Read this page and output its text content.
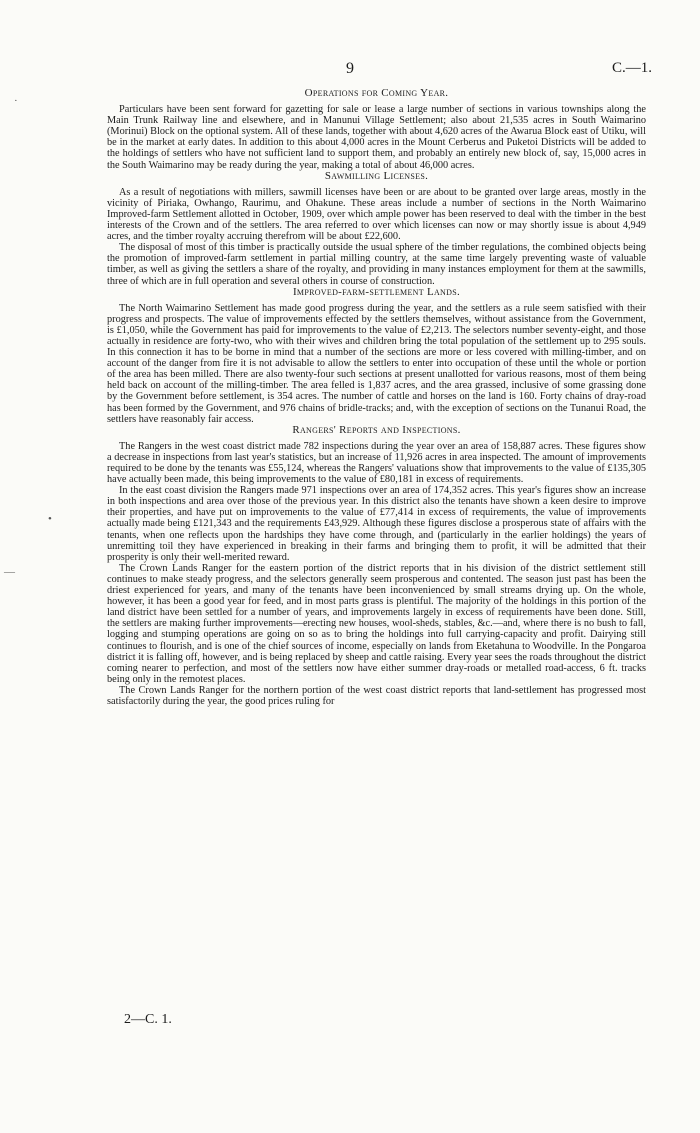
9	C.—1.
·
•
—
Operations for Coming Year.

Particulars have been sent forward for gazetting for sale or lease a large number of sections in various townships along the Main Trunk Railway line and elsewhere, and in Manunui Village Settlement; also about 21,535 acres in South Waimarino (Morinui) Block on the optional system. All of these lands, together with about 4,620 acres of the Awarua Block east of Utiku, will be in the market at early dates. In addition to this about 4,000 acres in the Mount Cerberus and Puketoi Districts will be added to the holdings of settlers who have not sufficient land to support them, and probably an entirely new block of, say, 15,000 acres in the South Waimarino may be ready during the year, making a total of about 46,000 acres.

Sawmilling Licenses.

As a result of negotiations with millers, sawmill licenses have been or are about to be granted over large areas, mostly in the vicinity of Piriaka, Owhango, Raurimu, and Ohakune. These areas include a number of sections in the North Waimarino Improved-farm Settlement allotted in October, 1909, over which ample power has been reserved to deal with the timber in the best interests of the Crown and of the settlers. The area referred to over which licenses can now or may shortly issue is about 4,949 acres, and the timber royalty accruing therefrom will be about £22,600.

The disposal of most of this timber is practically outside the usual sphere of the timber regulations, the combined objects being the promotion of improved-farm settlement in partial milling country, at the same time largely preventing waste of valuable timber, as well as giving the settlers a share of the royalty, and providing in many instances employment for them at the sawmills, three of which are in full operation and several others in course of construction.

Improved-farm-settlement Lands.

The North Waimarino Settlement has made good progress during the year, and the settlers as a rule seem satisfied with their progress and prospects. The value of improvements effected by the settlers themselves, without assistance from the Government, is £1,050, while the Government has paid for improvements to the value of £2,213. The selectors number seventy-eight, and those actually in residence are forty-two, who with their wives and children bring the total population of the settlement up to 295 souls. In this connection it has to be borne in mind that a number of the sections are more or less covered with milling-timber, and on account of the danger from fire it is not advisable to allow the settlers to enter into occupation of these until the whole or portion of the area has been milled. There are also twenty-four such sections at present unallotted for various reasons, most of them being held back on account of the milling-timber. The area felled is 1,837 acres, and the area grassed, inclusive of some grassing done by the Government before settlement, is 354 acres. The number of cattle and horses on the land is 160. Forty chains of dray-road has been formed by the Government, and 976 chains of bridle-tracks; and, with the exception of sections on the Tunanui Road, the settlers have reasonably fair access.

Rangers' Reports and Inspections.

The Rangers in the west coast district made 782 inspections during the year over an area of 158,887 acres. These figures show a decrease in inspections from last year's statistics, but an increase of 11,926 acres in area inspected. The amount of improvements required to be done by the tenants was £55,124, whereas the Rangers' valuations show that improvements to the value of £135,305 have actually been made, this being improvements to the value of £80,181 in excess of requirements.

In the east coast division the Rangers made 971 inspections over an area of 174,352 acres. This year's figures show an increase in both inspections and area over those of the previous year. In this district also the tenants have shown a keen desire to improve their properties, and have put on improvements to the value of £77,414 in excess of requirements, the value of improvements actually made being £121,343 and the requirements £43,929. Although these figures disclose a prosperous state of affairs with the tenants, when one reflects upon the hardships they have come through, and (particularly in the earlier holdings) the years of unremitting toil they have experienced in breaking in their farms and bringing them to profit, it will be admitted that their prosperity is only their well-merited reward.

The Crown Lands Ranger for the eastern portion of the district reports that in his division of the district settlement still continues to make steady progress, and the selectors generally seem prosperous and contented. The season just past has been the driest experienced for years, and many of the tenants have been inconvenienced by small streams drying up. On the whole, however, it has been a good year for feed, and in most parts grass is plentiful. The majority of the holdings in this portion of the land district have been settled for a number of years, and improvements largely in excess of requirements have been done. Still, the settlers are making further improvements—erecting new houses, wool-sheds, stables, &c.—and, where there is no bush to fall, logging and stumping operations are going on so as to bring the holdings into full carrying-capacity and profit. Dairying still continues to flourish, and is one of the chief sources of income, especially on lands from Eketahuna to Woodville. In the Pongaroa district it is falling off, however, and is being replaced by sheep and cattle raising. Every year sees the roads throughout the district coming nearer to perfection, and most of the settlers now have either summer dray-roads or metalled road-access, 6 ft. tracks being only in the remotest places.

The Crown Lands Ranger for the northern portion of the west coast district reports that land-settlement has progressed most satisfactorily during the year, the good prices ruling for

2—C. 1.
